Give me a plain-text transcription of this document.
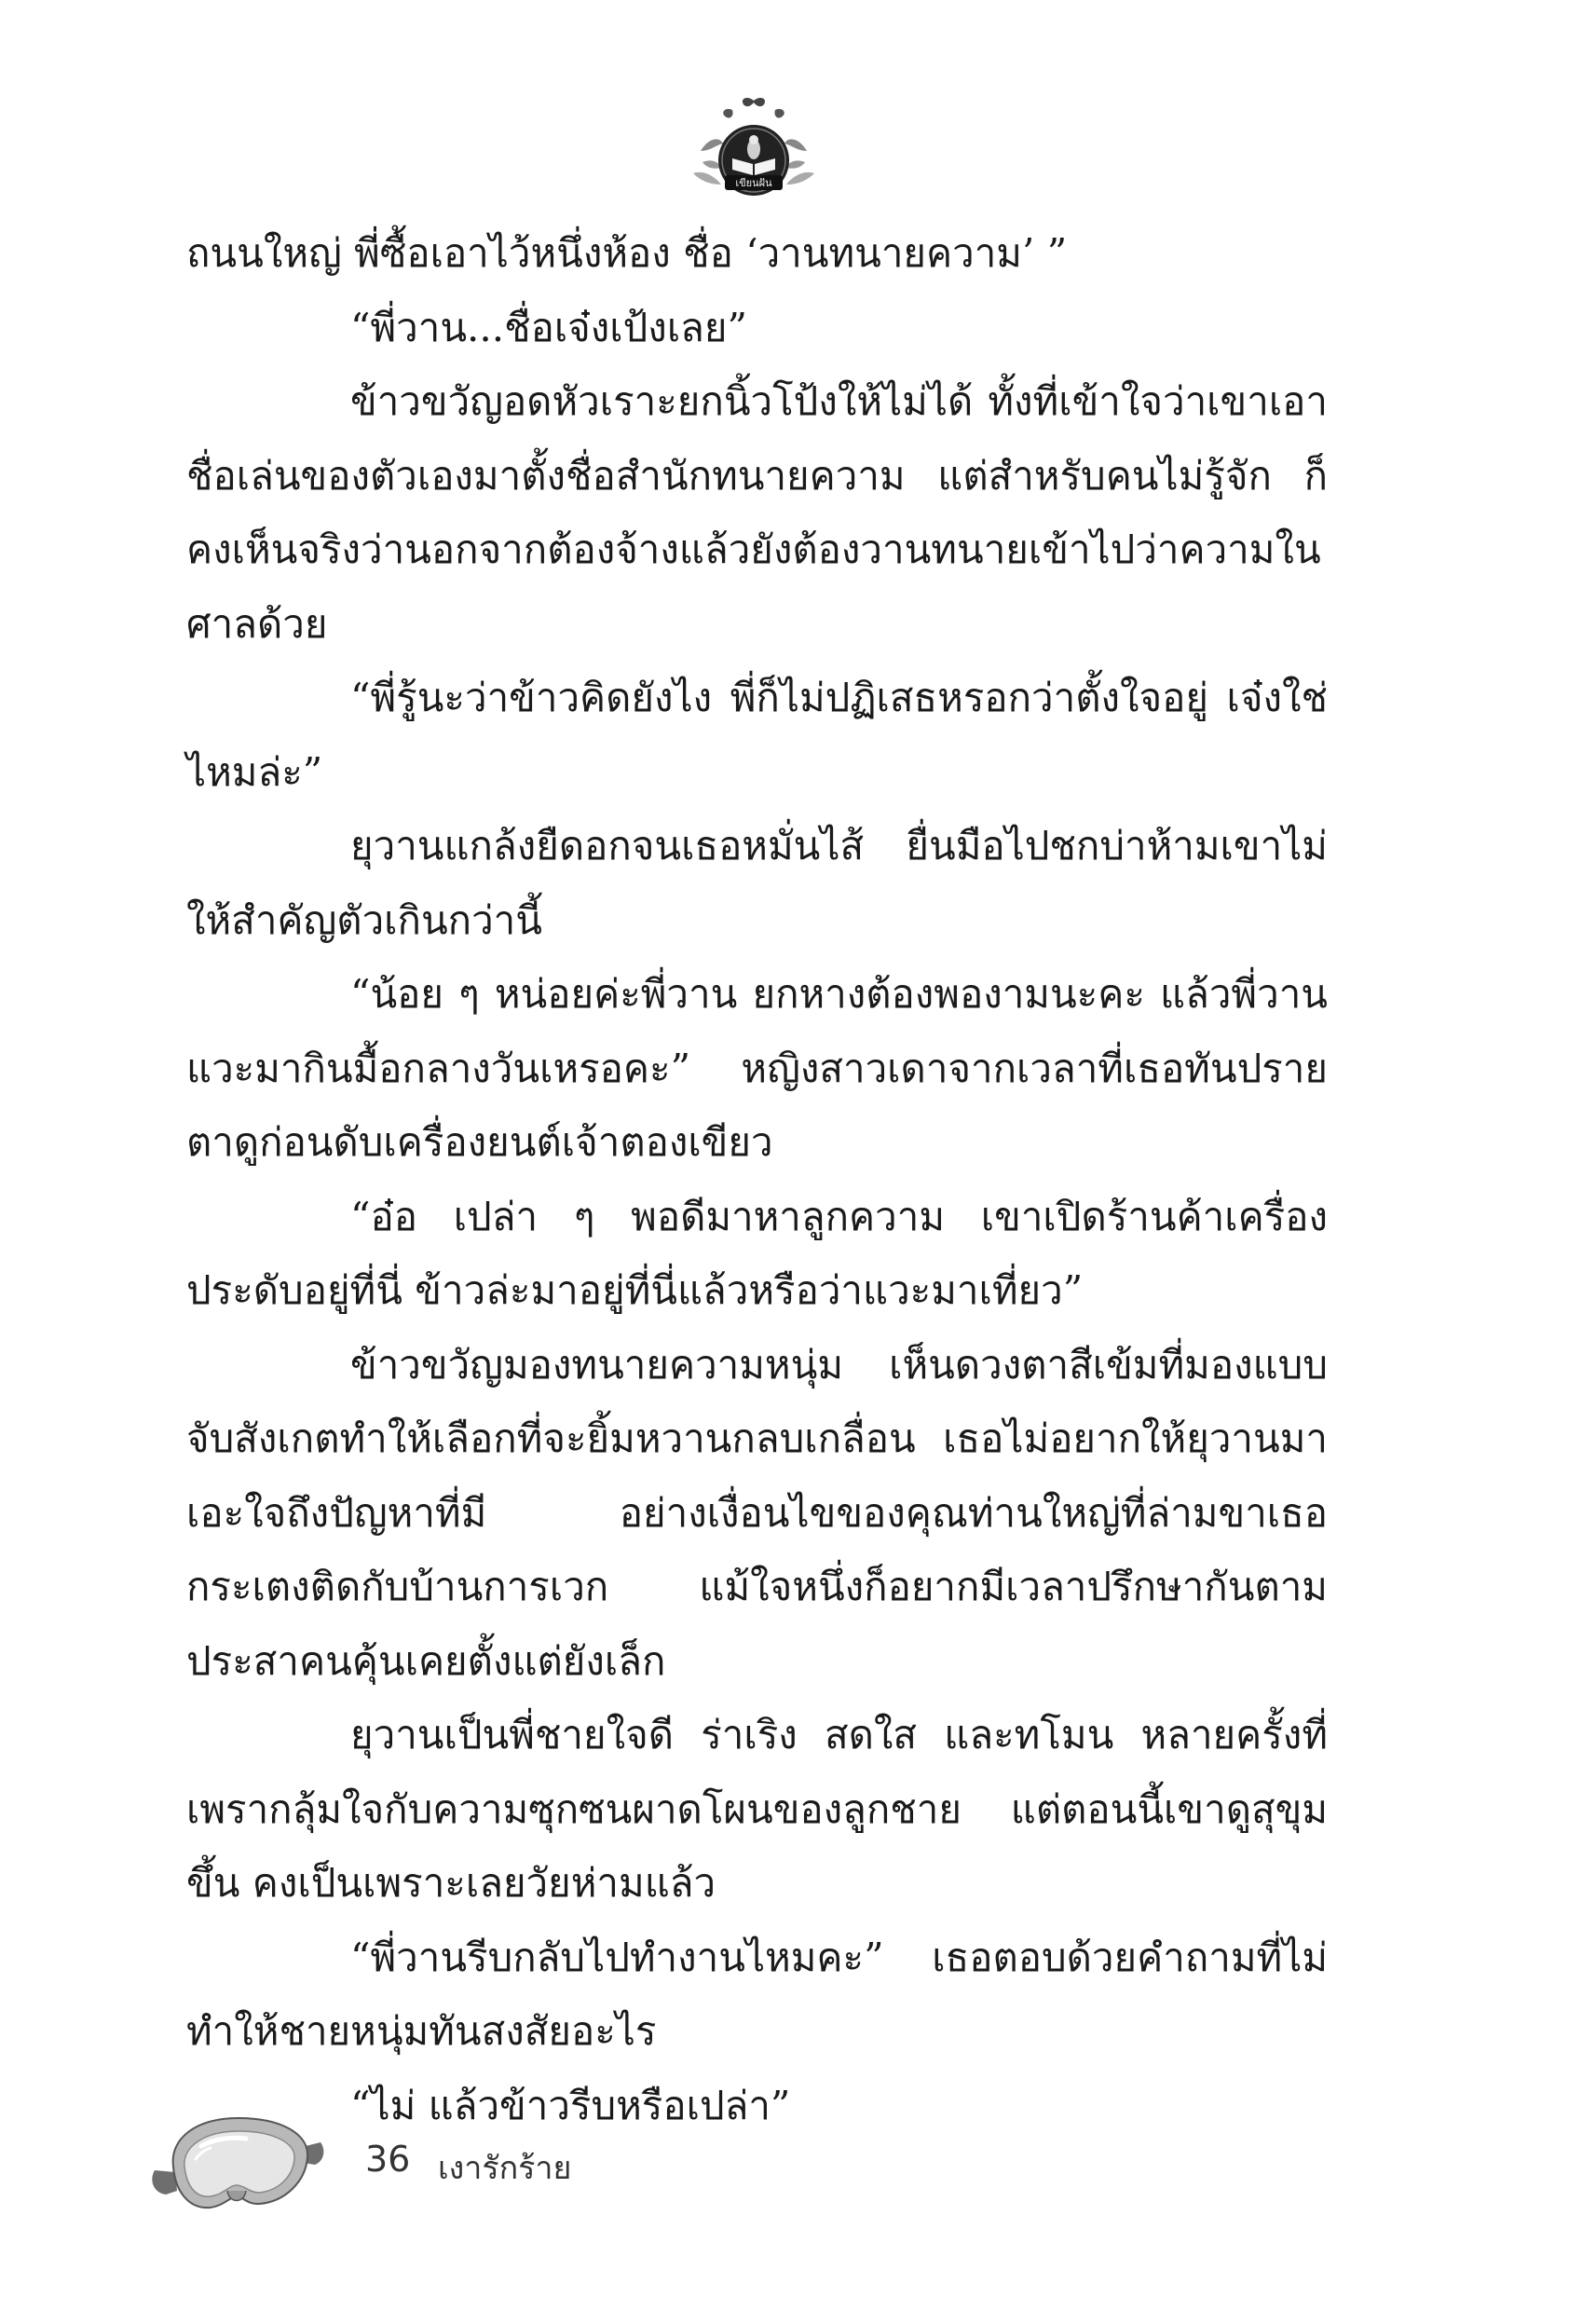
เขียนฝัน

ถนนใหญ่ พี่ซื้อเอาไว้หนึ่งห้อง ชื่อ ‘วานทนายความ’ ”

“พี่วาน...ชื่อเจ๋งเป้งเลย”

ข้าวขวัญอดหัวเราะยกนิ้วโป้งให้ไม่ได้ ทั้งที่เข้าใจว่าเขาเอาชื่อเล่นของตัวเองมาตั้งชื่อสำนักทนายความ แต่สำหรับคนไม่รู้จัก ก็คงเห็นจริงว่านอกจากต้องจ้างแล้วยังต้องวานทนายเข้าไปว่าความในศาลด้วย

“พี่รู้นะว่าข้าวคิดยังไง พี่ก็ไม่ปฏิเสธหรอกว่าตั้งใจอยู่ เจ๋งใช่ไหมล่ะ”

ยุวานแกล้งยืดอกจนเธอหมั่นไส้ ยื่นมือไปชกบ่าห้ามเขาไม่ให้สำคัญตัวเกินกว่านี้

“น้อย ๆ หน่อยค่ะพี่วาน ยกหางต้องพองามนะคะ แล้วพี่วานแวะมากินมื้อกลางวันเหรอคะ” หญิงสาวเดาจากเวลาที่เธอทันปรายตาดูก่อนดับเครื่องยนต์เจ้าตองเขียว

“อ๋อ เปล่า ๆ พอดีมาหาลูกความ เขาเปิดร้านค้าเครื่องประดับอยู่ที่นี่ ข้าวล่ะมาอยู่ที่นี่แล้วหรือว่าแวะมาเที่ยว”

ข้าวขวัญมองทนายความหนุ่ม เห็นดวงตาสีเข้มที่มองแบบจับสังเกตทำให้เลือกที่จะยิ้มหวานกลบเกลื่อน เธอไม่อยากให้ยุวานมาเอะใจถึงปัญหาที่มี อย่างเงื่อนไขของคุณท่านใหญ่ที่ล่ามขาเธอกระเตงติดกับบ้านการเวก แม้ใจหนึ่งก็อยากมีเวลาปรึกษากันตามประสาคนคุ้นเคยตั้งแต่ยังเล็ก

ยุวานเป็นพี่ชายใจดี ร่าเริง สดใส และทโมน หลายครั้งที่เพรากลุ้มใจกับความซุกซนผาดโผนของลูกชาย แต่ตอนนี้เขาดูสุขุมขึ้น คงเป็นเพราะเลยวัยห่ามแล้ว

“พี่วานรีบกลับไปทำงานไหมคะ” เธอตอบด้วยคำถามที่ไม่ทำให้ชายหนุ่มทันสงสัยอะไร

“ไม่ แล้วข้าวรีบหรือเปล่า”

36 เงารักร้าย
